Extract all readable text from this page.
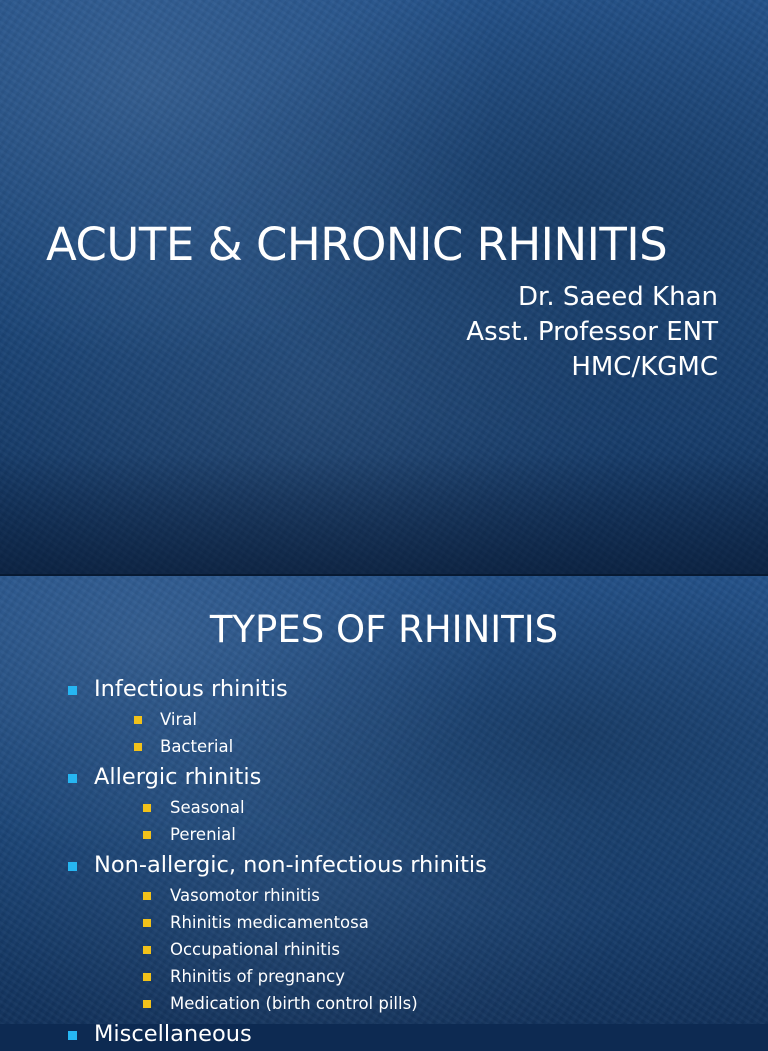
ACUTE & CHRONIC RHINITIS
Dr. Saeed Khan
Asst. Professor ENT
HMC/KGMC
TYPES OF RHINITIS
Infectious rhinitis
Viral
Bacterial
Allergic rhinitis
Seasonal
Perenial
Non-allergic, non-infectious rhinitis
Vasomotor rhinitis
Rhinitis medicamentosa
Occupational rhinitis
Rhinitis of pregnancy
Medication (birth control pills)
Miscellaneous
